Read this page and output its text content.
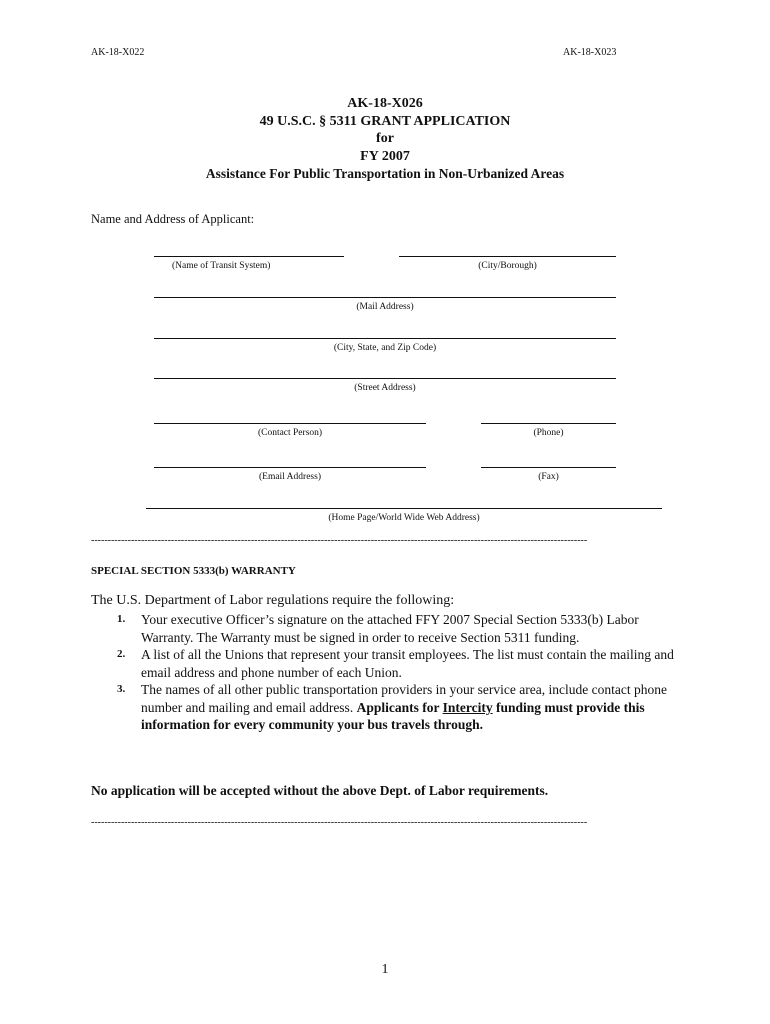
AK-18-X022	AK-18-X023
AK-18-X026
49 U.S.C. § 5311 GRANT APPLICATION
for
FY 2007
Assistance For Public Transportation in Non-Urbanized Areas
Name and Address of Applicant:
(Name of Transit System)	(City/Borough)
(Mail Address)
(City, State, and Zip Code)
(Street Address)
(Contact Person)	(Phone)
(Email Address)	(Fax)
(Home Page/World Wide Web Address)
-----------------------------------------------------------------------------------------------------------------------------------------------------
SPECIAL SECTION 5333(b) WARRANTY
The U.S. Department of Labor regulations require the following:
1. Your executive Officer’s signature on the attached FFY 2007 Special Section 5333(b) Labor Warranty. The Warranty must be signed in order to receive Section 5311 funding.
2. A list of all the Unions that represent your transit employees. The list must contain the mailing and email address and phone number of each Union.
3. The names of all other public transportation providers in your service area, include contact phone number and mailing and email address. Applicants for Intercity funding must provide this information for every community your bus travels through.
No application will be accepted without the above Dept. of Labor requirements.
-----------------------------------------------------------------------------------------------------------------------------------------------------
1
